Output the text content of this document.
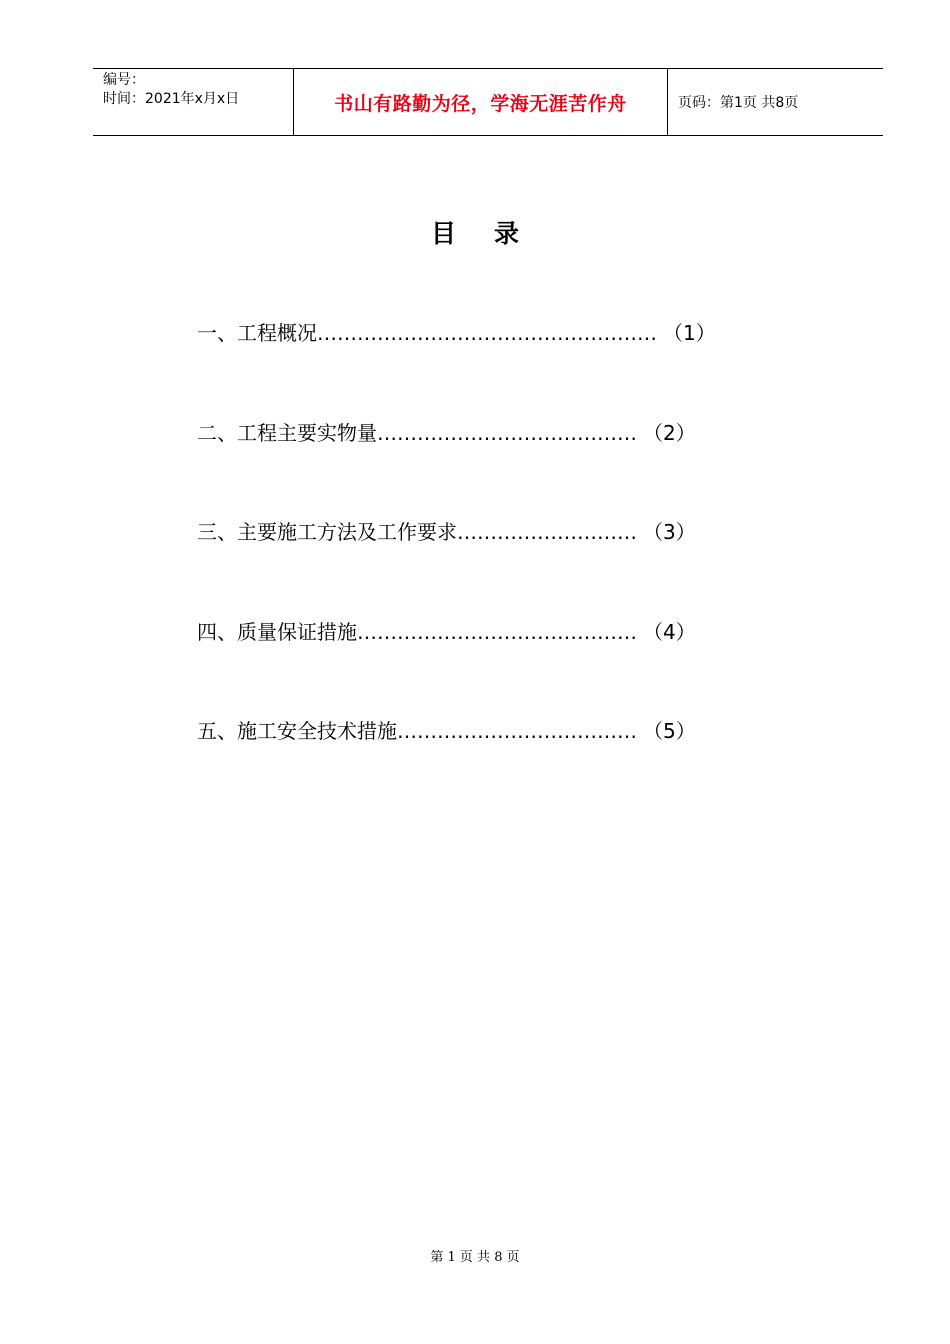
编号：
时间：2021年x月x日	书山有路勤为径，学海无涯苦作舟	页码：第1页 共8页
目 录
一、工程概况…………………………………………… （1）
二、工程主要实物量………………………………… （2）
三、主要施工方法及工作要求……………………… （3）
四、质量保证措施…………………………………… （4）
五、施工安全技术措施……………………………… （5）
第 1 页 共 8 页
